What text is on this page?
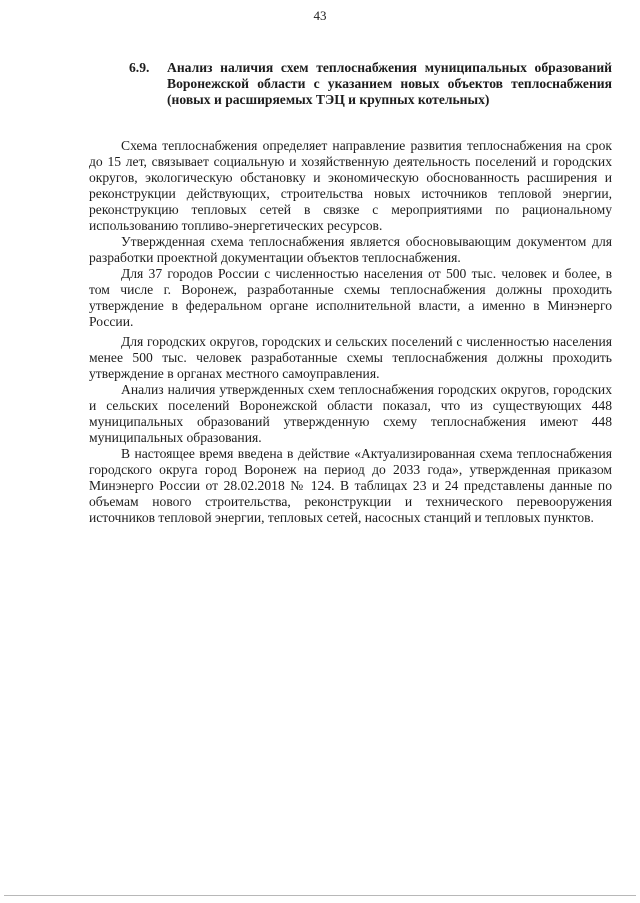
43
6.9. Анализ наличия схем теплоснабжения муниципальных образований Воронежской области с указанием новых объектов теплоснабжения (новых и расширяемых ТЭЦ и крупных котельных)

Схема теплоснабжения определяет направление развития теплоснабжения на срок до 15 лет, связывает социальную и хозяйственную деятельность поселений и городских округов, экологическую обстановку и экономическую обоснованность расширения и реконструкции действующих, строительства новых источников тепловой энергии, реконструкцию тепловых сетей в связке с мероприятиями по рациональному использованию топливо-энергетических ресурсов.

Утвержденная схема теплоснабжения является обосновывающим документом для разработки проектной документации объектов теплоснабжения.

Для 37 городов России с численностью населения от 500 тыс. человек и более, в том числе г. Воронеж, разработанные схемы теплоснабжения должны проходить утверждение в федеральном органе исполнительной власти, а именно в Минэнерго России.

Для городских округов, городских и сельских поселений с численностью населения менее 500 тыс. человек разработанные схемы теплоснабжения должны проходить утверждение в органах местного самоуправления.

Анализ наличия утвержденных схем теплоснабжения городских округов, городских и сельских поселений Воронежской области показал, что из существующих 448 муниципальных образований утвержденную схему теплоснабжения имеют 448 муниципальных образования.

В настоящее время введена в действие «Актуализированная схема теплоснабжения городского округа город Воронеж на период до 2033 года», утвержденная приказом Минэнерго России от 28.02.2018 № 124. В таблицах 23 и 24 представлены данные по объемам нового строительства, реконструкции и технического перевооружения источников тепловой энергии, тепловых сетей, насосных станций и тепловых пунктов.
